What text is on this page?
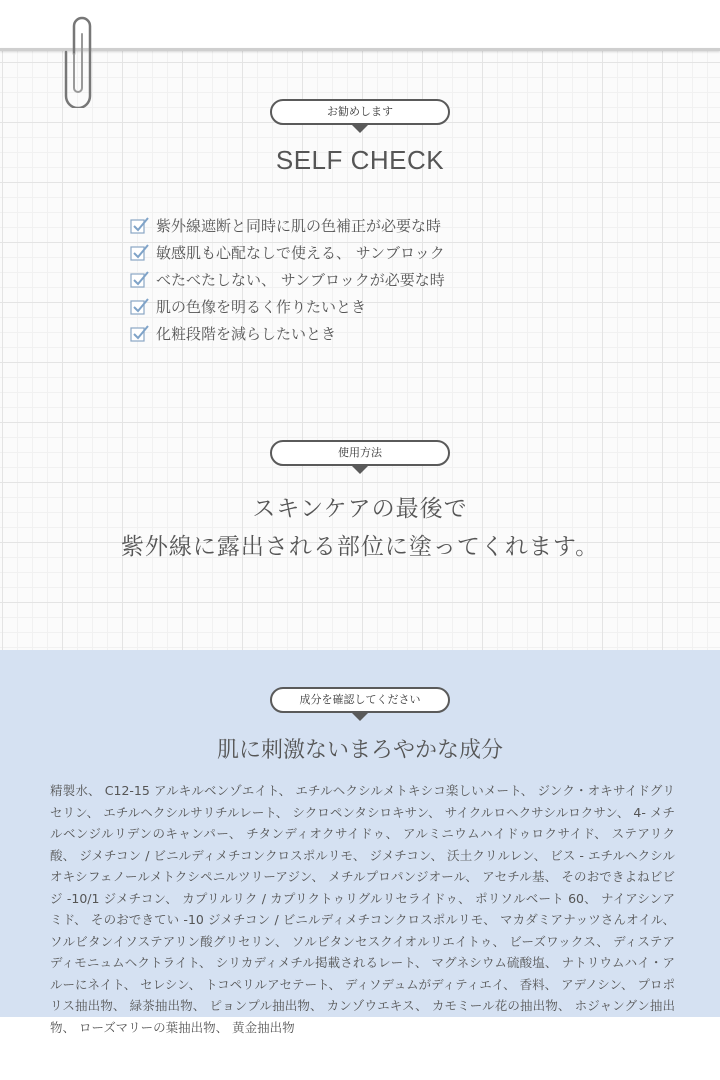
お勧めします
SELF CHECK
紫外線遮断と同時に肌の色補正が必要な時
敏感肌も心配なしで使える、 サンブロック
べたべたしない、 サンブロックが必要な時
肌の色像を明るく作りたいとき
化粧段階を減らしたいとき
使用方法
スキンケアの最後で
紫外線に露出される部位に塗ってくれます。
成分を確認してください
肌に刺激ないまろやかな成分

精製水、 C12-15 アルキルベンゾエイト、 エチルヘクシルメトキシコ楽しいメート、 ジンク・オキサイドグリセリン、 エチルヘクシルサリチルレート、 シクロペンタシロキサン、 サイクルロヘクサシルロクサン、 4- メチルベンジルリデンのキャンパー、 チタンディオクサイドゥ、 アルミニウムハイドゥロクサイド、 ステアリク酸、 ジメチコン / ビニルディメチコンクロスポルリモ、 ジメチコン、 沃土クリルレン、 ビス - エチルヘクシルオキシフェノールメトクシペニルツリーアジン、 メチルプロパンジオール、 アセチル基、 そのおできよねビビジ -10/1 ジメチコン、 カプリルリク / カプリクトゥリグルリセライドゥ、 ポリソルベート 60、 ナイアシンアミド、 そのおできてい -10 ジメチコン / ビニルディメチコンクロスポルリモ、 マカダミアナッツさんオイル、 ソルビタンイソステアリン酸グリセリン、 ソルビタンセスクイオルリエイトゥ、 ビーズワックス、 ディステアディモニュムヘクトライト、 シリカディメチル掲載されるレート、 マグネシウム硫酸塩、 ナトリウムハイ・アルーにネイト、 セレシン、 トコペリルアセテート、 ディソデュムがディティエイ、 香料、 アデノシン、 プロポリス抽出物、 緑茶抽出物、 ピョンプル抽出物、 カンゾウエキス、 カモミール花の抽出物、 ホジャングン抽出物、 ローズマリーの葉抽出物、 黄金抽出物
